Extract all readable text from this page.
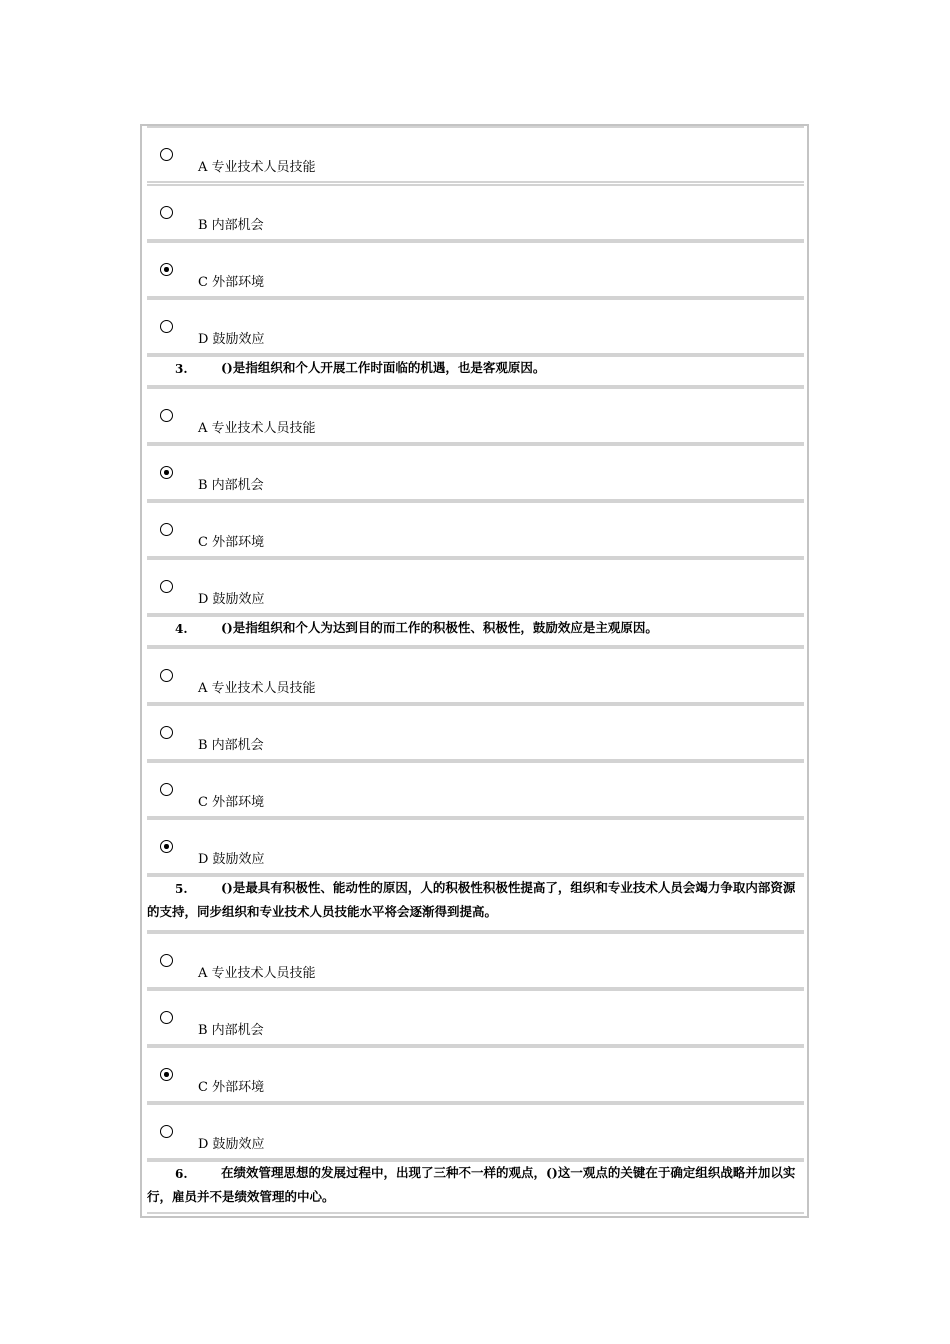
A 专业技术人员技能
B 内部机会
C 外部环境
D 鼓励效应
3.	()是指组织和个人开展工作时面临的机遇，也是客观原因。
A 专业技术人员技能
B 内部机会
C 外部环境
D 鼓励效应
4.	()是指组织和个人为达到目的而工作的积极性、积极性，鼓励效应是主观原因。
A 专业技术人员技能
B 内部机会
C 外部环境
D 鼓励效应
5.	()是最具有积极性、能动性的原因，人的积极性积极性提高了，组织和专业技术人员会竭力争取内部资源的支持，同步组织和专业技术人员技能水平将会逐渐得到提高。
A 专业技术人员技能
B 内部机会
C 外部环境
D 鼓励效应
6.	在绩效管理思想的发展过程中，出现了三种不一样的观点，()这一观点的关键在于确定组织战略并加以实行，雇员并不是绩效管理的中心。
